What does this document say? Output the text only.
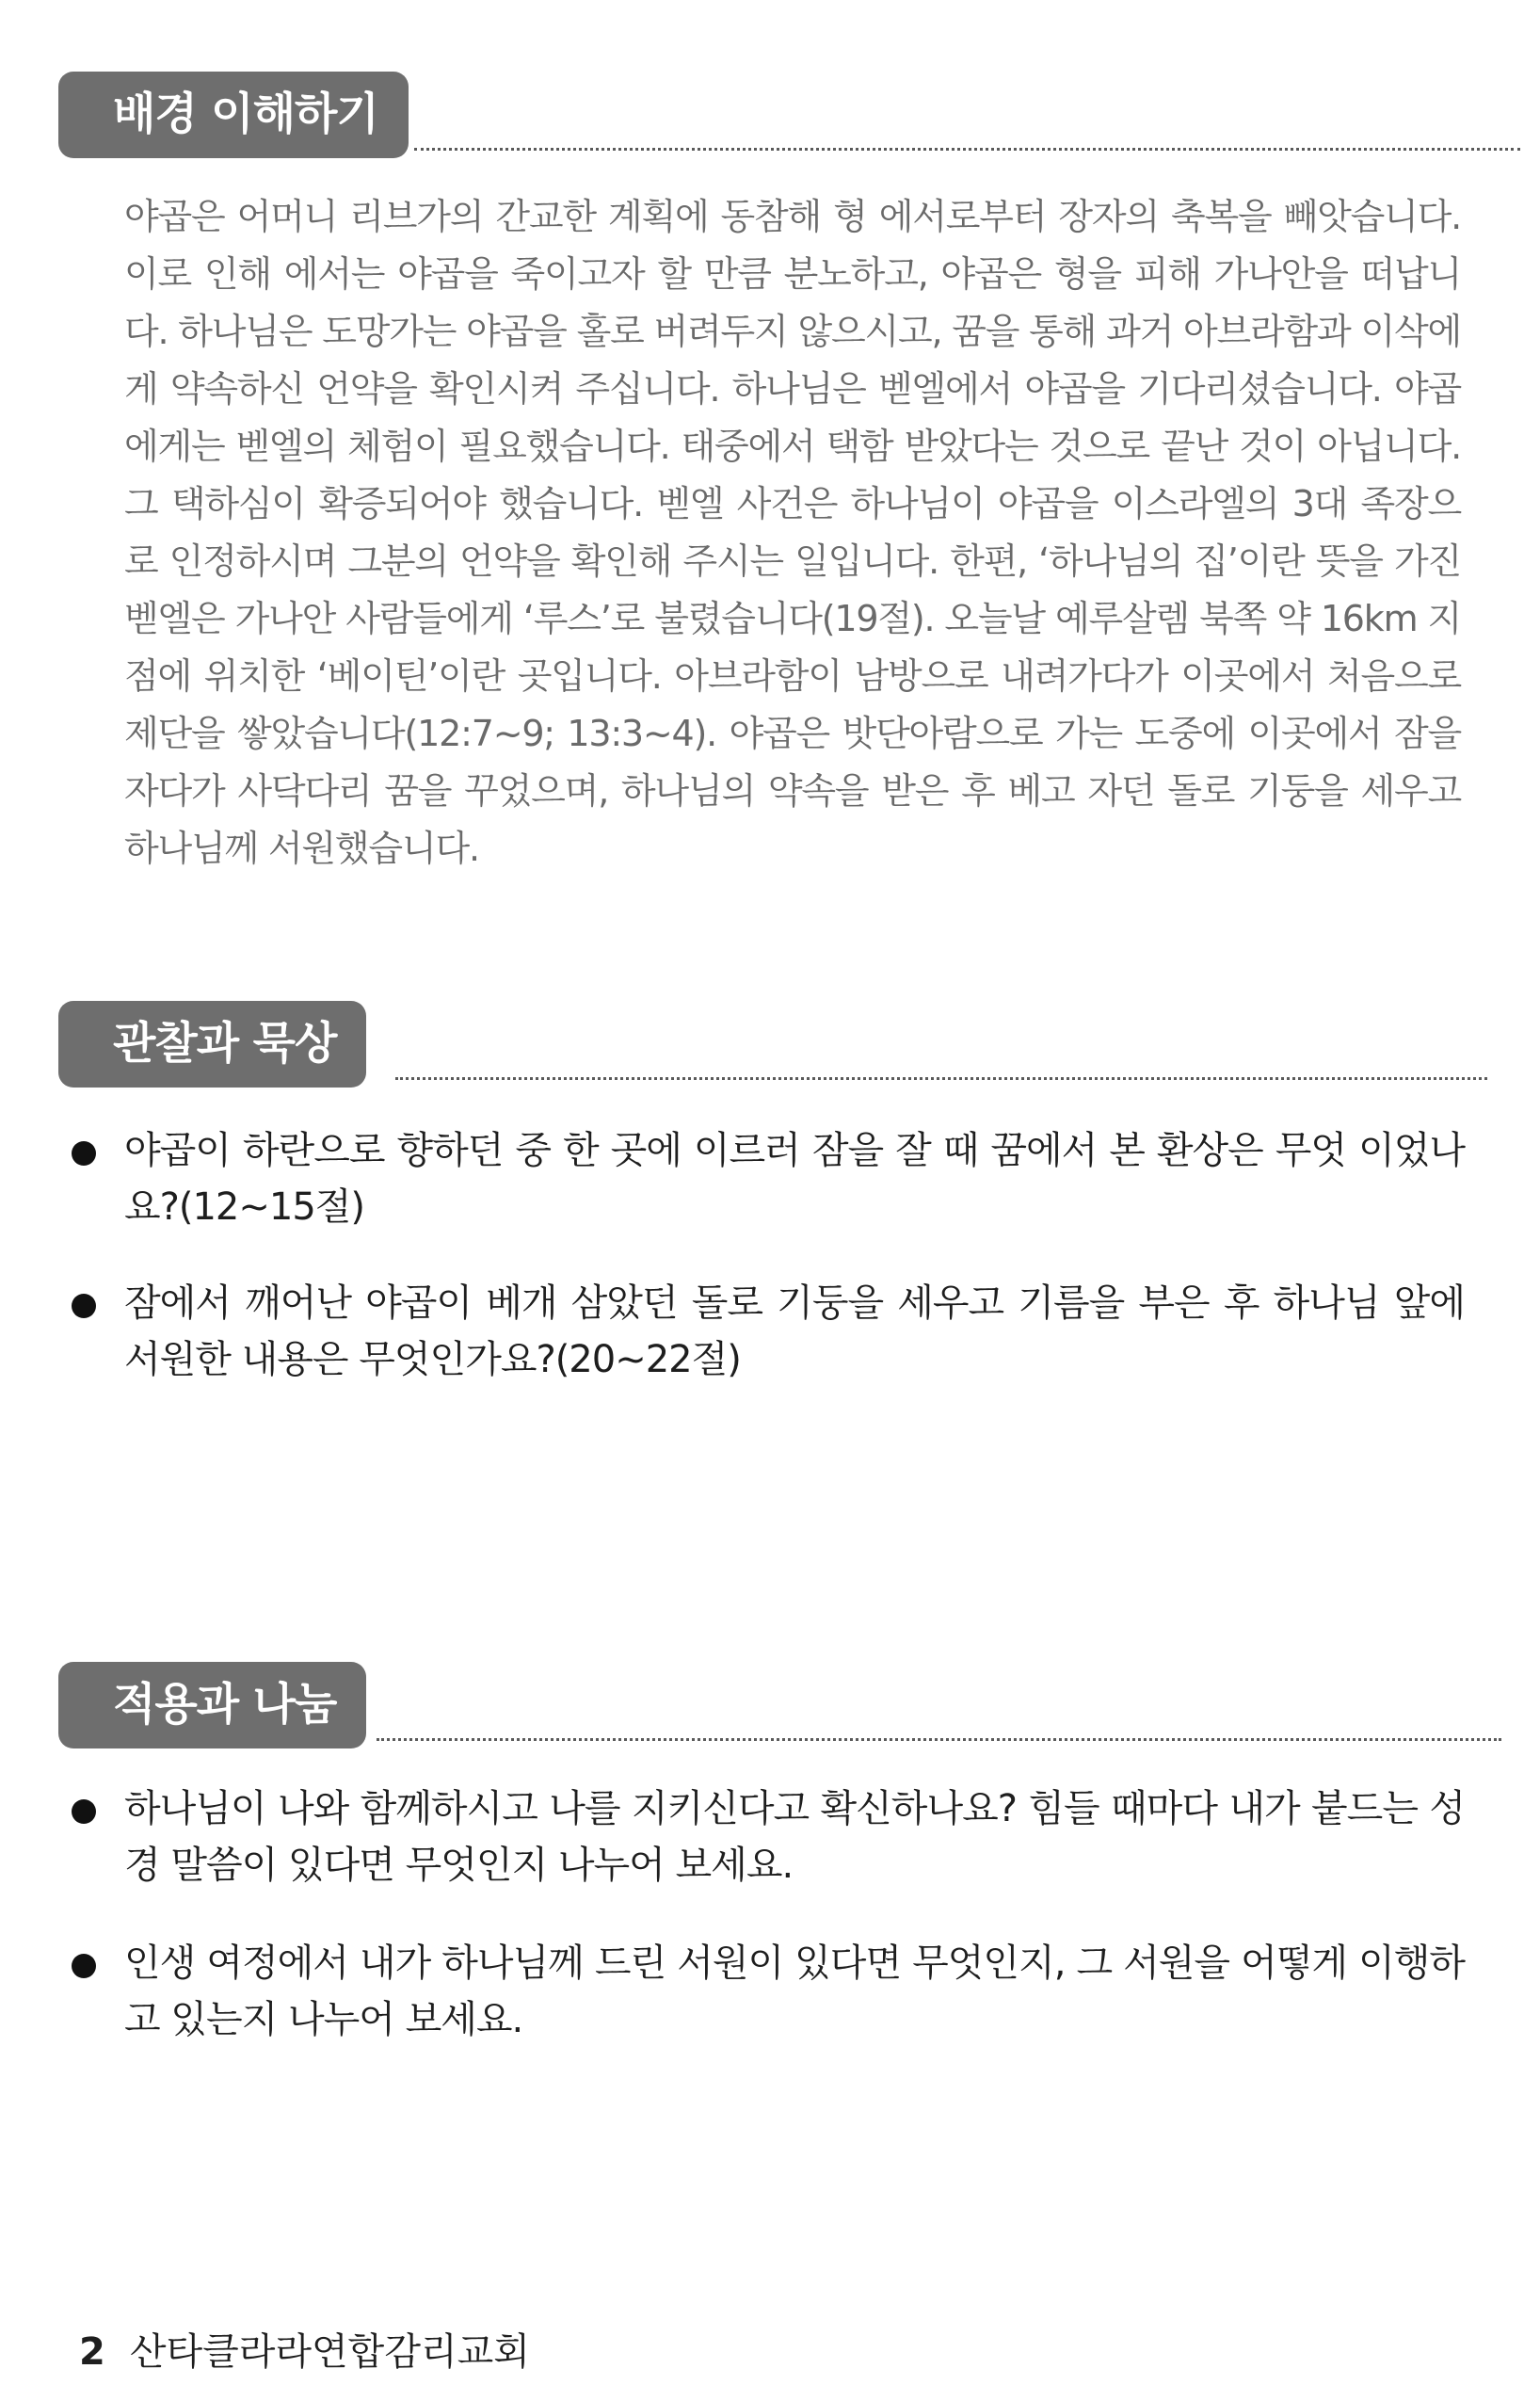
배경 이해하기

야곱은 어머니 리브가의 간교한 계획에 동참해 형 에서로부터 장자의 축복을 빼앗습니다. 이로 인해 에서는 야곱을 죽이고자 할 만큼 분노하고, 야곱은 형을 피해 가나안을 떠납니다. 하나님은 도망가는 야곱을 홀로 버려두지 않으시고, 꿈을 통해 과거 아브라함과 이삭에게 약속하신 언약을 확인시켜 주십니다. 하나님은 벧엘에서 야곱을 기다리셨습니다. 야곱에게는 벧엘의 체험이 필요했습니다. 태중에서 택함 받았다는 것으로 끝난 것이 아닙니다. 그 택하심이 확증되어야 했습니다. 벧엘 사건은 하나님이 야곱을 이스라엘의 3대 족장으로 인정하시며 그분의 언약을 확인해 주시는 일입니다. 한편, ‘하나님의 집’이란 뜻을 가진 벧엘은 가나안 사람들에게 ‘루스’로 불렸습니다(19절). 오늘날 예루살렘 북쪽 약 16km 지점에 위치한 ‘베이틴’이란 곳입니다. 아브라함이 남방으로 내려가다가 이곳에서 처음으로 제단을 쌓았습니다(12:7~9; 13:3~4). 야곱은 밧단아람으로 가는 도중에 이곳에서 잠을 자다가 사닥다리 꿈을 꾸었으며, 하나님의 약속을 받은 후 베고 자던 돌로 기둥을 세우고 하나님께 서원했습니다.

관찰과 묵상
야곱이 하란으로 향하던 중 한 곳에 이르러 잠을 잘 때 꿈에서 본 환상은 무엇 이었나요?(12~15절)
잠에서 깨어난 야곱이 베개 삼았던 돌로 기둥을 세우고 기름을 부은 후 하나님 앞에 서원한 내용은 무엇인가요?(20~22절)
적용과 나눔
하나님이 나와 함께하시고 나를 지키신다고 확신하나요? 힘들 때마다 내가 붙드는 성경 말씀이 있다면 무엇인지 나누어 보세요.
인생 여정에서 내가 하나님께 드린 서원이 있다면 무엇인지, 그 서원을 어떻게 이행하고 있는지 나누어 보세요.
2 산타클라라연합감리교회
